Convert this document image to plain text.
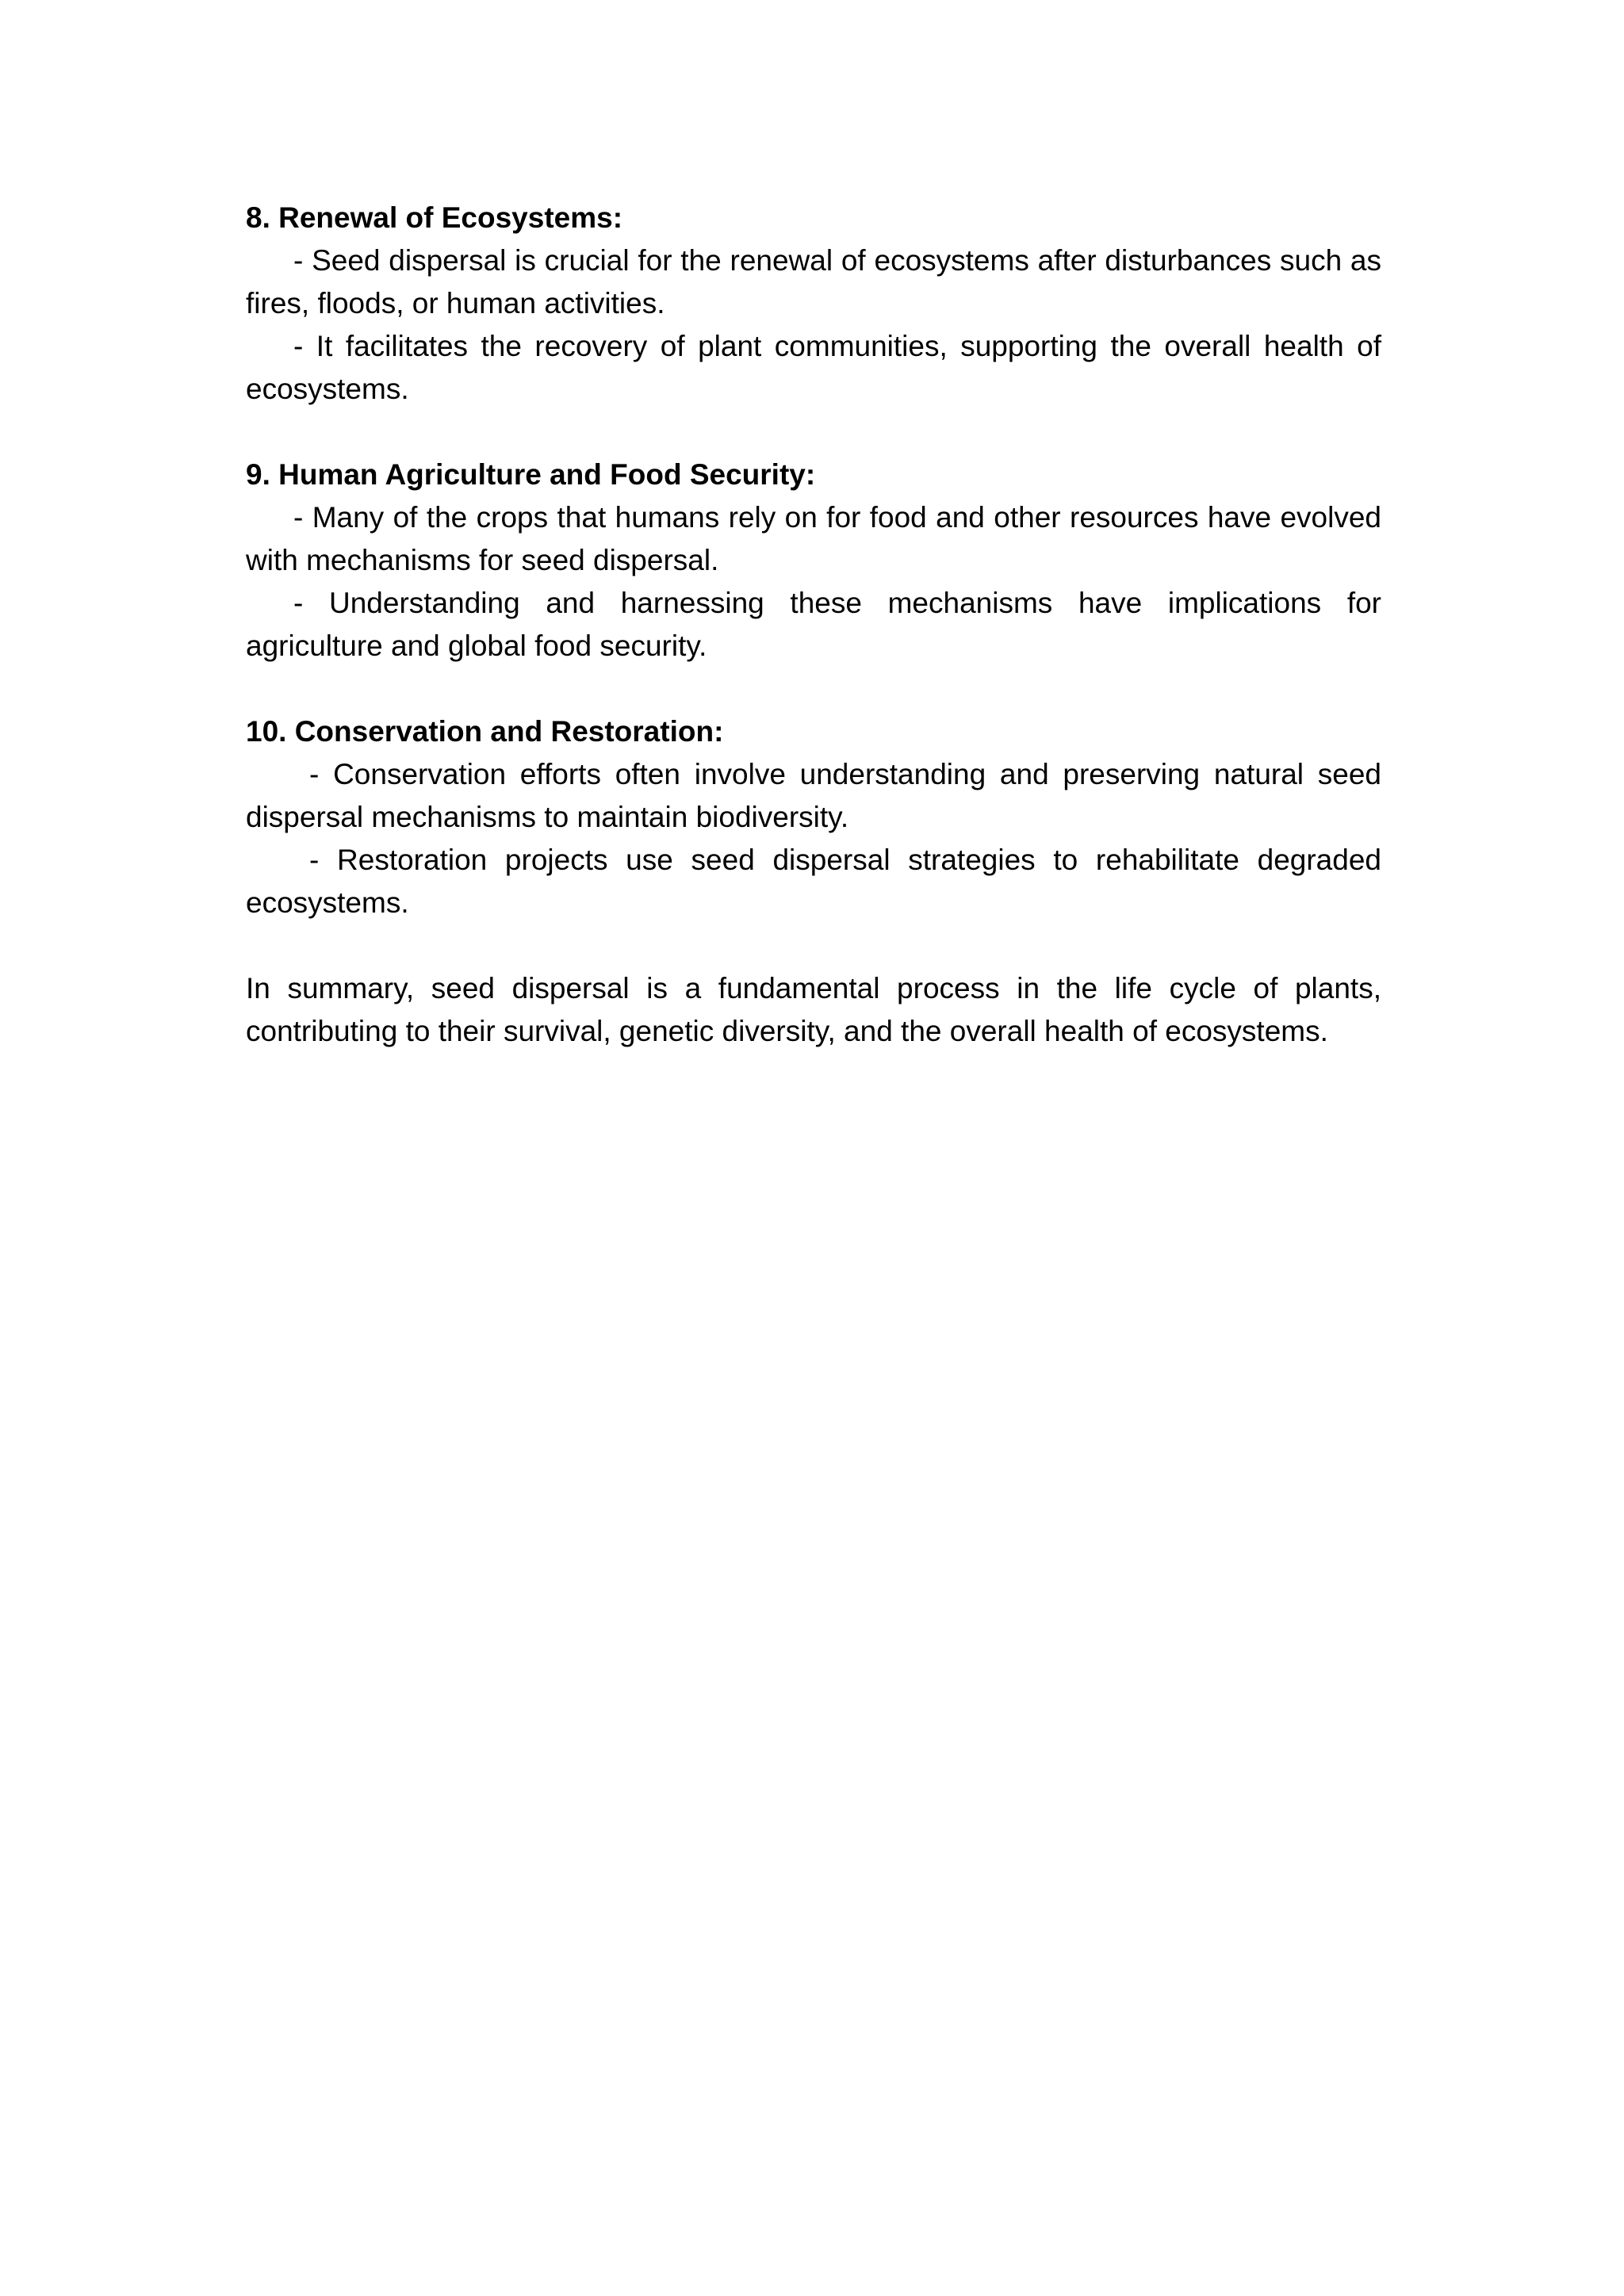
8. Renewal of Ecosystems:

- Seed dispersal is crucial for the renewal of ecosystems after disturbances such as fires, floods, or human activities.

- It facilitates the recovery of plant communities, supporting the overall health of ecosystems.

9. Human Agriculture and Food Security:

- Many of the crops that humans rely on for food and other resources have evolved with mechanisms for seed dispersal.

- Understanding and harnessing these mechanisms have implications for agriculture and global food security.

10. Conservation and Restoration:

- Conservation efforts often involve understanding and preserving natural seed dispersal mechanisms to maintain biodiversity.

- Restoration projects use seed dispersal strategies to rehabilitate degraded ecosystems.

In summary, seed dispersal is a fundamental process in the life cycle of plants, contributing to their survival, genetic diversity, and the overall health of ecosystems.
